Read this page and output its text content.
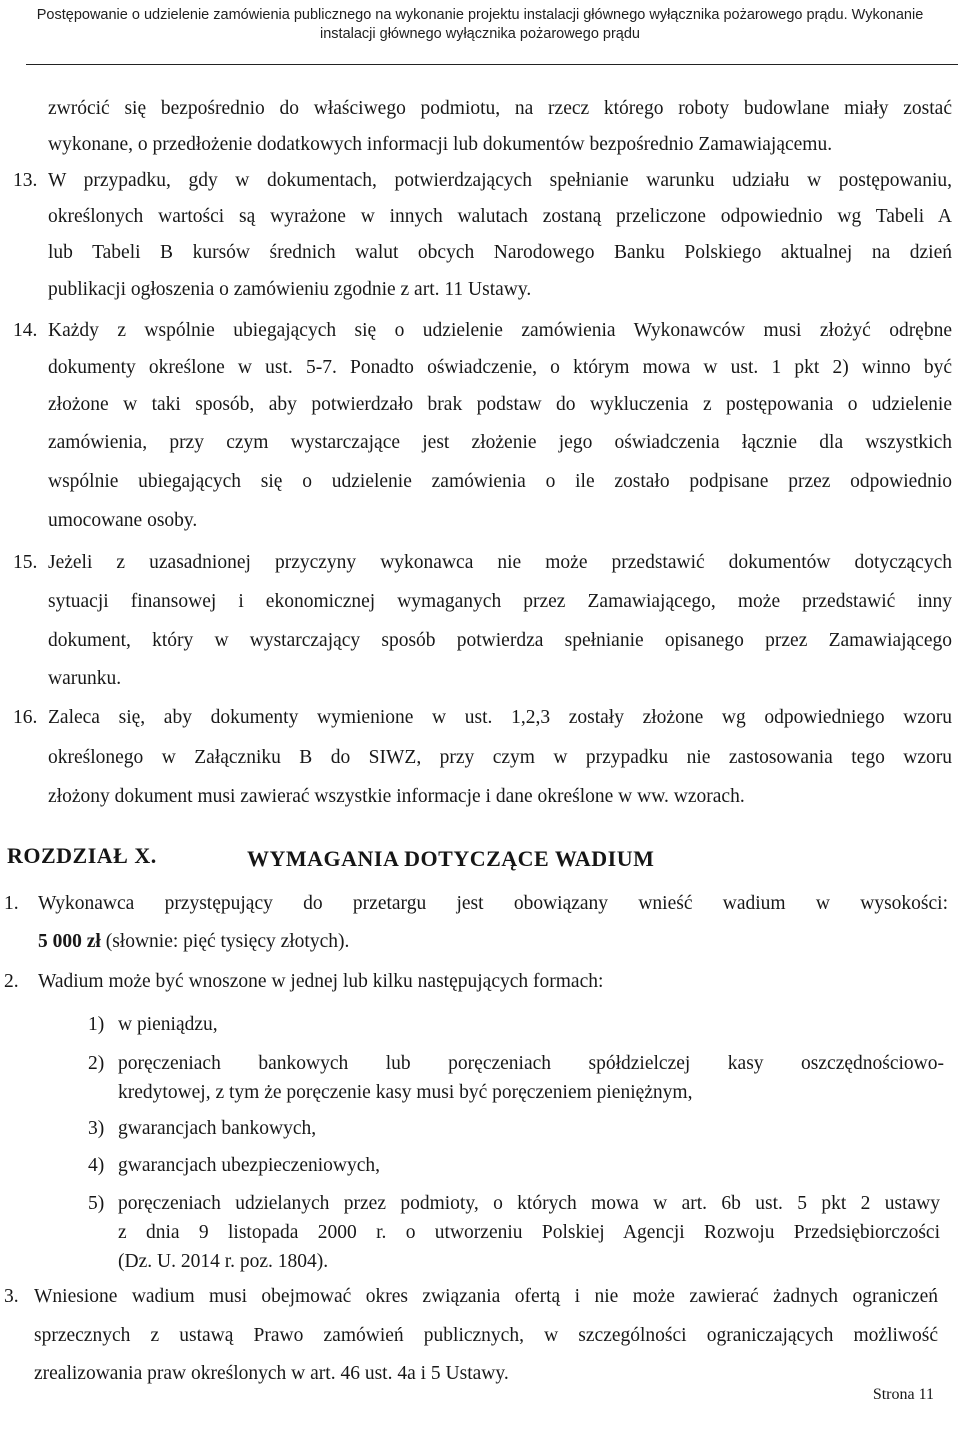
Postępowanie o udzielenie zamówienia publicznego na wykonanie projektu instalacji głównego wyłącznika pożarowego prądu. Wykonanie
instalacji głównego wyłącznika pożarowego prądu
zwrócić się bezpośrednio do właściwego podmiotu, na rzecz którego roboty budowlane miały zostać
wykonane, o przedłożenie dodatkowych informacji lub dokumentów bezpośrednio Zamawiającemu.
13. W przypadku, gdy w dokumentach, potwierdzających spełnianie warunku udziału w postępowaniu,
określonych wartości są wyrażone w innych walutach zostaną przeliczone odpowiednio wg Tabeli A
lub Tabeli B kursów średnich walut obcych Narodowego Banku Polskiego aktualnej na dzień
publikacji ogłoszenia o zamówieniu zgodnie z art. 11 Ustawy.
14. Każdy z wspólnie ubiegających się o udzielenie zamówienia Wykonawców musi złożyć odrębne
dokumenty określone w ust. 5-7. Ponadto oświadczenie, o którym mowa w ust. 1 pkt 2) winno być
złożone w taki sposób, aby potwierdzało brak podstaw do wykluczenia z postępowania o udzielenie
zamówienia, przy czym wystarczające jest złożenie jego oświadczenia łącznie dla wszystkich
wspólnie ubiegających się o udzielenie zamówienia o ile zostało podpisane przez odpowiednio
umocowane osoby.
15. Jeżeli z uzasadnionej przyczyny wykonawca nie może przedstawić dokumentów dotyczących
sytuacji finansowej i ekonomicznej wymaganych przez Zamawiającego, może przedstawić inny
dokument, który w wystarczający sposób potwierdza spełnianie opisanego przez Zamawiającego
warunku.
16. Zaleca się, aby dokumenty wymienione w ust. 1,2,3 zostały złożone wg odpowiedniego wzoru
określonego w Załączniku B do SIWZ, przy czym w przypadku nie zastosowania tego wzoru
złożony dokument musi zawierać wszystkie informacje i dane określone w ww. wzorach.
ROZDZIAŁ X.	WYMAGANIA DOTYCZĄCE WADIUM
1. Wykonawca przystępujący do przetargu jest obowiązany wnieść wadium w wysokości:
5 000 zł (słownie: pięć tysięcy złotych).
2. Wadium może być wnoszone w jednej lub kilku następujących formach:
1) w pieniądzu,
2) poręczeniach bankowych lub poręczeniach spółdzielczej kasy oszczędnościowo-
kredytowej, z tym że poręczenie kasy musi być poręczeniem pieniężnym,
3) gwarancjach bankowych,
4) gwarancjach ubezpieczeniowych,
5) poręczeniach udzielanych przez podmioty, o których mowa w art. 6b ust. 5 pkt 2 ustawy
z dnia 9 listopada 2000 r. o utworzeniu Polskiej Agencji Rozwoju Przedsiębiorczości
(Dz. U. 2014 r. poz. 1804).
3. Wniesione wadium musi obejmować okres związania ofertą i nie może zawierać żadnych ograniczeń
sprzecznych z ustawą Prawo zamówień publicznych, w szczególności ograniczających możliwość
zrealizowania praw określonych w art. 46 ust. 4a i 5 Ustawy.
Strona 11
